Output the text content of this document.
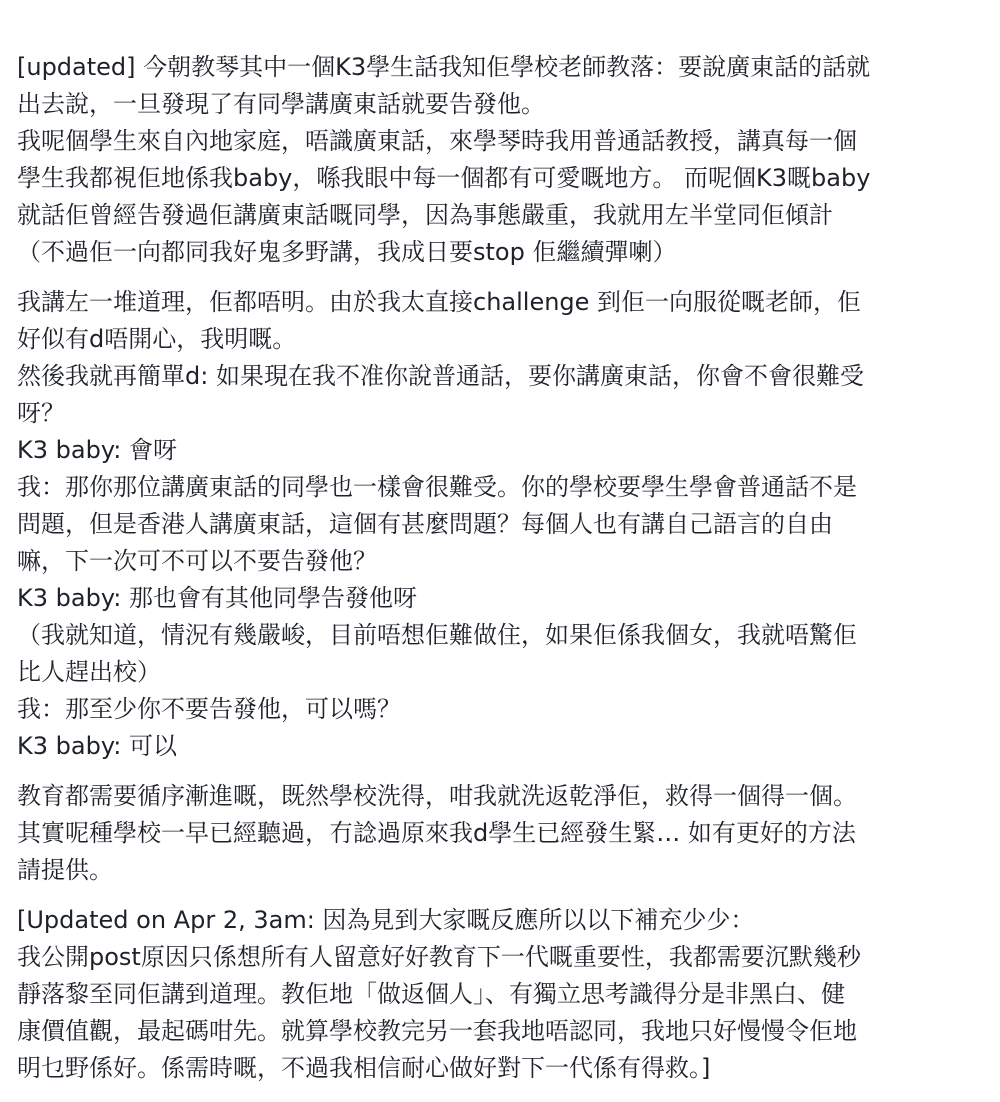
[updated] 今朝教琴其中一個K3學生話我知佢學校老師教落：要說廣東話的話就
出去說，一旦發現了有同學講廣東話就要告發他。
我呢個學生來自內地家庭，唔識廣東話，來學琴時我用普通話教授，講真每一個
學生我都視佢地係我baby，喺我眼中每一個都有可愛嘅地方。 而呢個K3嘅baby
就話佢曾經告發過佢講廣東話嘅同學，因為事態嚴重，我就用左半堂同佢傾計
（不過佢一向都同我好鬼多野講，我成日要stop 佢繼續彈喇）
我講左一堆道理，佢都唔明。由於我太直接challenge 到佢一向服從嘅老師，佢
好似有d唔開心，我明嘅。
然後我就再簡單d: 如果現在我不准你說普通話，要你講廣東話，你會不會很難受
呀？
K3 baby: 會呀
我：那你那位講廣東話的同學也一樣會很難受。你的學校要學生學會普通話不是
問題，但是香港人講廣東話，這個有甚麼問題？每個人也有講自己語言的自由
嘛，下一次可不可以不要告發他？
K3 baby: 那也會有其他同學告發他呀
（我就知道，情況有幾嚴峻，目前唔想佢難做住，如果佢係我個女，我就唔驚佢
比人趕出校）
我：那至少你不要告發他，可以嗎？
K3 baby: 可以
教育都需要循序漸進嘅，既然學校洗得，咁我就洗返乾淨佢，救得一個得一個。
其實呢種學校一早已經聽過，冇諗過原來我d學生已經發生緊… 如有更好的方法
請提供。
[Updated on Apr 2, 3am: 因為見到大家嘅反應所以以下補充少少：
我公開post原因只係想所有人留意好好教育下一代嘅重要性，我都需要沉默幾秒
靜落黎至同佢講到道理。教佢地「做返個人」、有獨立思考識得分是非黑白、健
康價值觀，最起碼咁先。就算學校教完另一套我地唔認同，我地只好慢慢令佢地
明乜野係好。係需時嘅，不過我相信耐心做好對下一代係有得救。]
